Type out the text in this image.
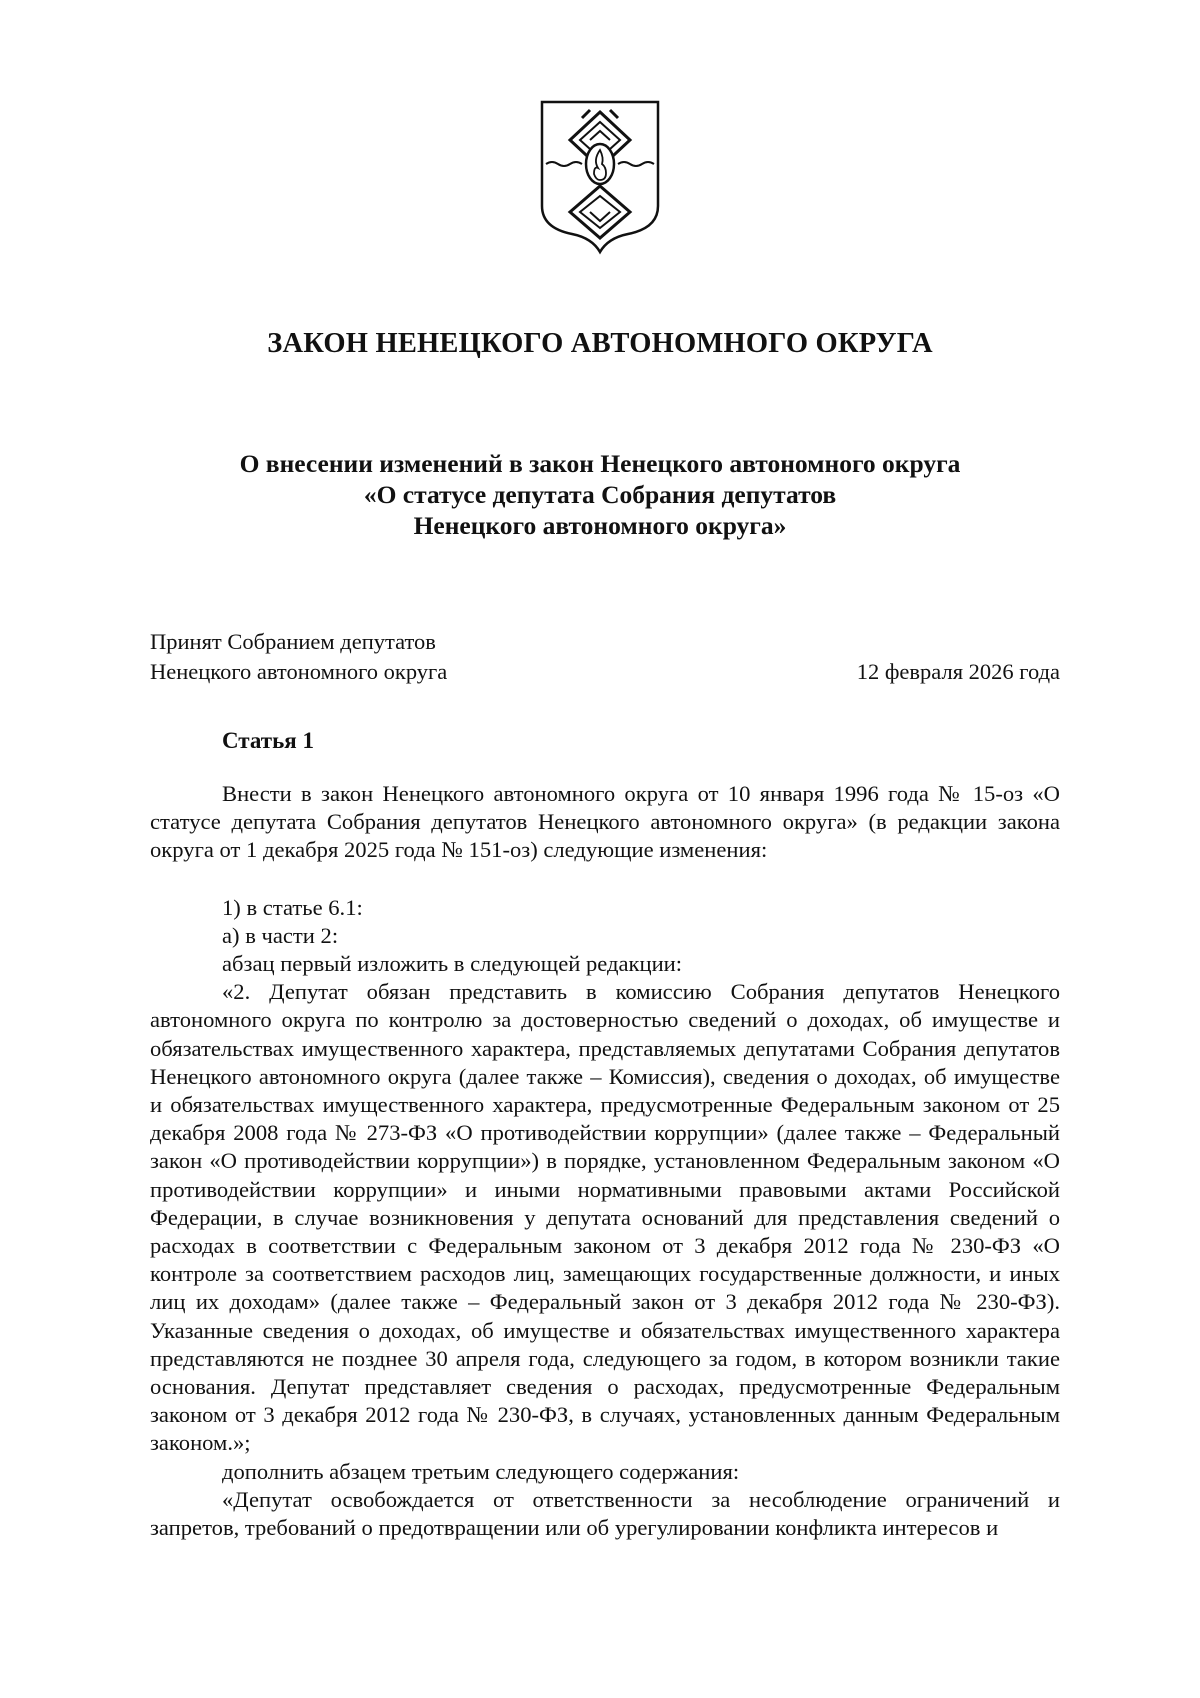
ЗАКОН НЕНЕЦКОГО АВТОНОМНОГО ОКРУГА
О внесении изменений в закон Ненецкого автономного округа
«О статусе депутата Собрания депутатов
Ненецкого автономного округа»
Принят Собранием депутатов
Ненецкого автономного округа	12 февраля 2026 года
Статья 1

Внести в закон Ненецкого автономного округа от 10 января 1996 года № 15-оз «О статусе депутата Собрания депутатов Ненецкого автономного округа» (в редакции закона округа от 1 декабря 2025 года № 151-оз) следующие изменения:

1) в статье 6.1:

а) в части 2:

абзац первый изложить в следующей редакции:

«2. Депутат обязан представить в комиссию Собрания депутатов Ненецкого автономного округа по контролю за достоверностью сведений о доходах, об имуществе и обязательствах имущественного характера, представляемых депутатами Собрания депутатов Ненецкого автономного округа (далее также – Комиссия), сведения о доходах, об имуществе и обязательствах имущественного характера, предусмотренные Федеральным законом от 25 декабря 2008 года № 273-ФЗ «О противодействии коррупции» (далее также – Федеральный закон «О противодействии коррупции») в порядке, установленном Федеральным законом «О противодействии коррупции» и иными нормативными правовыми актами Российской Федерации, в случае возникновения у депутата оснований для представления сведений о расходах в соответствии с Федеральным законом от 3 декабря 2012 года № 230-ФЗ «О контроле за соответствием расходов лиц, замещающих государственные должности, и иных лиц их доходам» (далее также – Федеральный закон от 3 декабря 2012 года № 230-ФЗ). Указанные сведения о доходах, об имуществе и обязательствах имущественного характера представляются не позднее 30 апреля года, следующего за годом, в котором возникли такие основания. Депутат представляет сведения о расходах, предусмотренные Федеральным законом от 3 декабря 2012 года № 230-ФЗ, в случаях, установленных данным Федеральным законом.»;

дополнить абзацем третьим следующего содержания:

«Депутат освобождается от ответственности за несоблюдение ограничений и запретов, требований о предотвращении или об урегулировании конфликта интересов и
